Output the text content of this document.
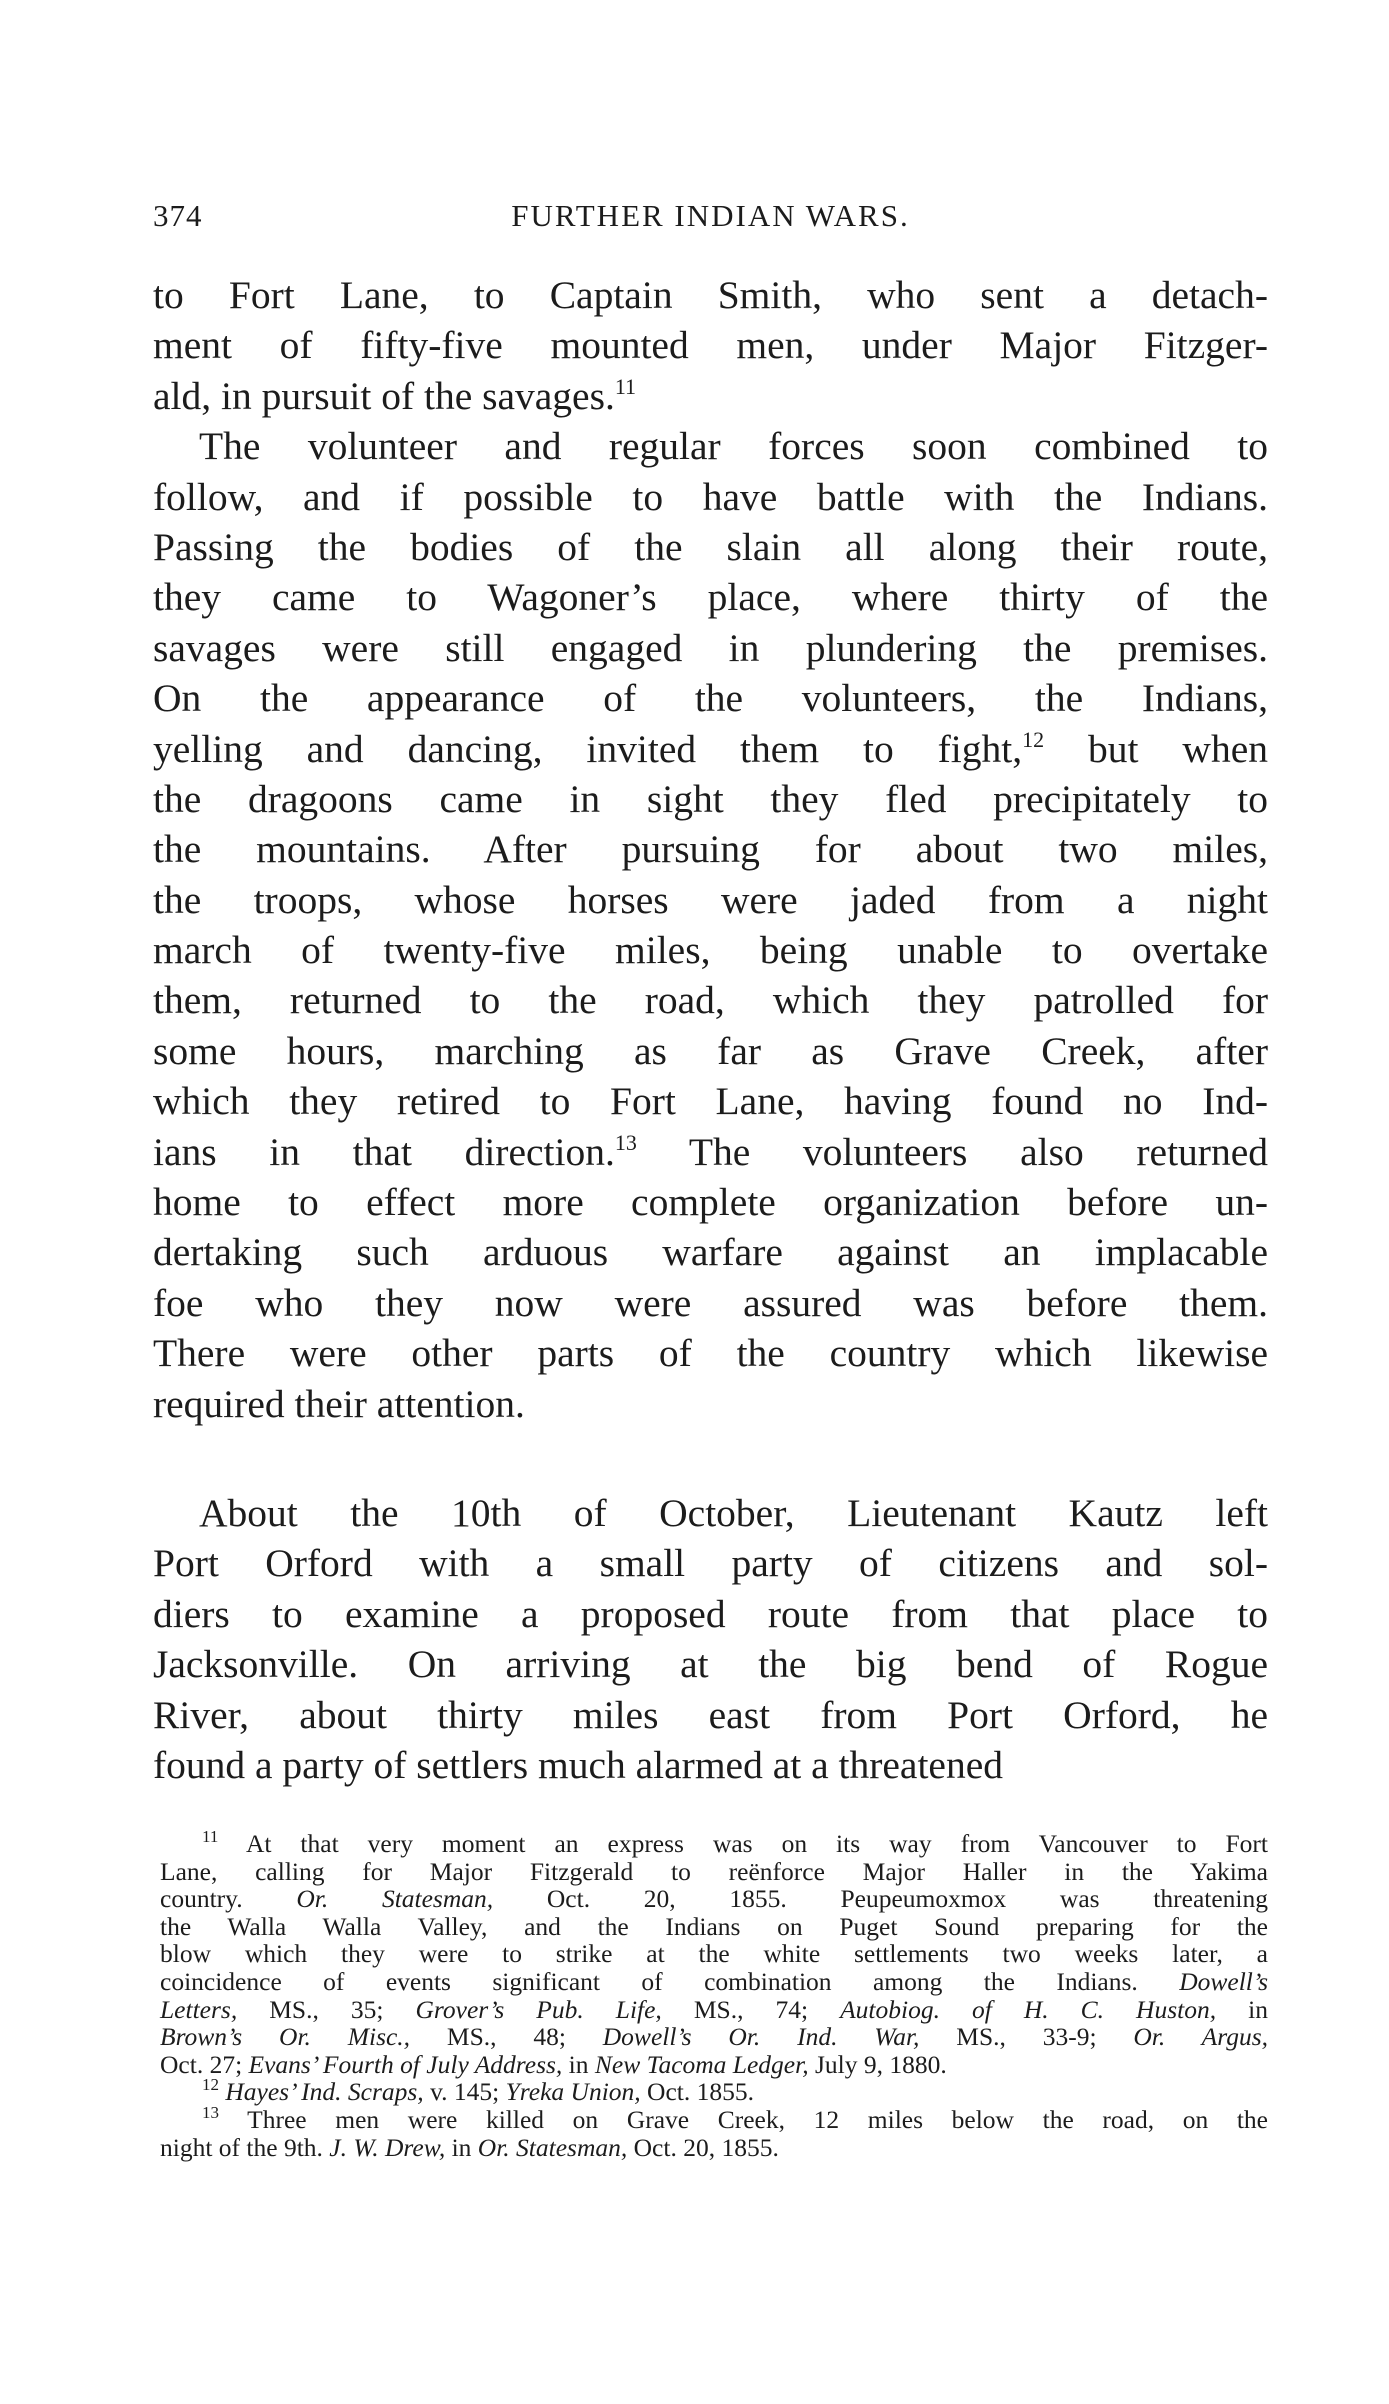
374	FURTHER INDIAN WARS.
to Fort Lane, to Captain Smith, who sent a detach-
ment of fifty-five mounted men, under Major Fitzger-
ald, in pursuit of the savages.$^{11}$
The volunteer and regular forces soon combined to
follow, and if possible to have battle with the Indians.
Passing the bodies of the slain all along their route,
they came to Wagoner’s place, where thirty of the
savages were still engaged in plundering the premises.
On the appearance of the volunteers, the Indians,
yelling and dancing, invited them to fight,$^{12}$ but when
the dragoons came in sight they fled precipitately to
the mountains. After pursuing for about two miles,
the troops, whose horses were jaded from a night
march of twenty-five miles, being unable to overtake
them, returned to the road, which they patrolled for
some hours, marching as far as Grave Creek, after
which they retired to Fort Lane, having found no Ind-
ians in that direction.$^{13}$ The volunteers also returned
home to effect more complete organization before un-
dertaking such arduous warfare against an implacable
foe who they now were assured was before them.
There were other parts of the country which likewise
required their attention.
About the 10th of October, Lieutenant Kautz left
Port Orford with a small party of citizens and sol-
diers to examine a proposed route from that place to
Jacksonville. On arriving at the big bend of Rogue
River, about thirty miles east from Port Orford, he
found a party of settlers much alarmed at a threatened
$^{11}$ At that very moment an express was on its way from Vancouver to Fort
Lane, calling for Major Fitzgerald to reënforce Major Haller in the Yakima
country. Or. Statesman, Oct. 20, 1855. Peupeumoxmox was threatening
the Walla Walla Valley, and the Indians on Puget Sound preparing for the
blow which they were to strike at the white settlements two weeks later, a
coincidence of events significant of combination among the Indians. Dowell’s
Letters, MS., 35; Grover’s Pub. Life, MS., 74; Autobiog. of H. C. Huston, in
Brown’s Or. Misc., MS., 48; Dowell’s Or. Ind. War, MS., 33-9; Or. Argus,
Oct. 27; Evans’ Fourth of July Address, in New Tacoma Ledger, July 9, 1880.
$^{12}$ Hayes’ Ind. Scraps, v. 145; Yreka Union, Oct. 1855.
$^{13}$ Three men were killed on Grave Creek, 12 miles below the road, on the
night of the 9th. J. W. Drew, in Or. Statesman, Oct. 20, 1855.
